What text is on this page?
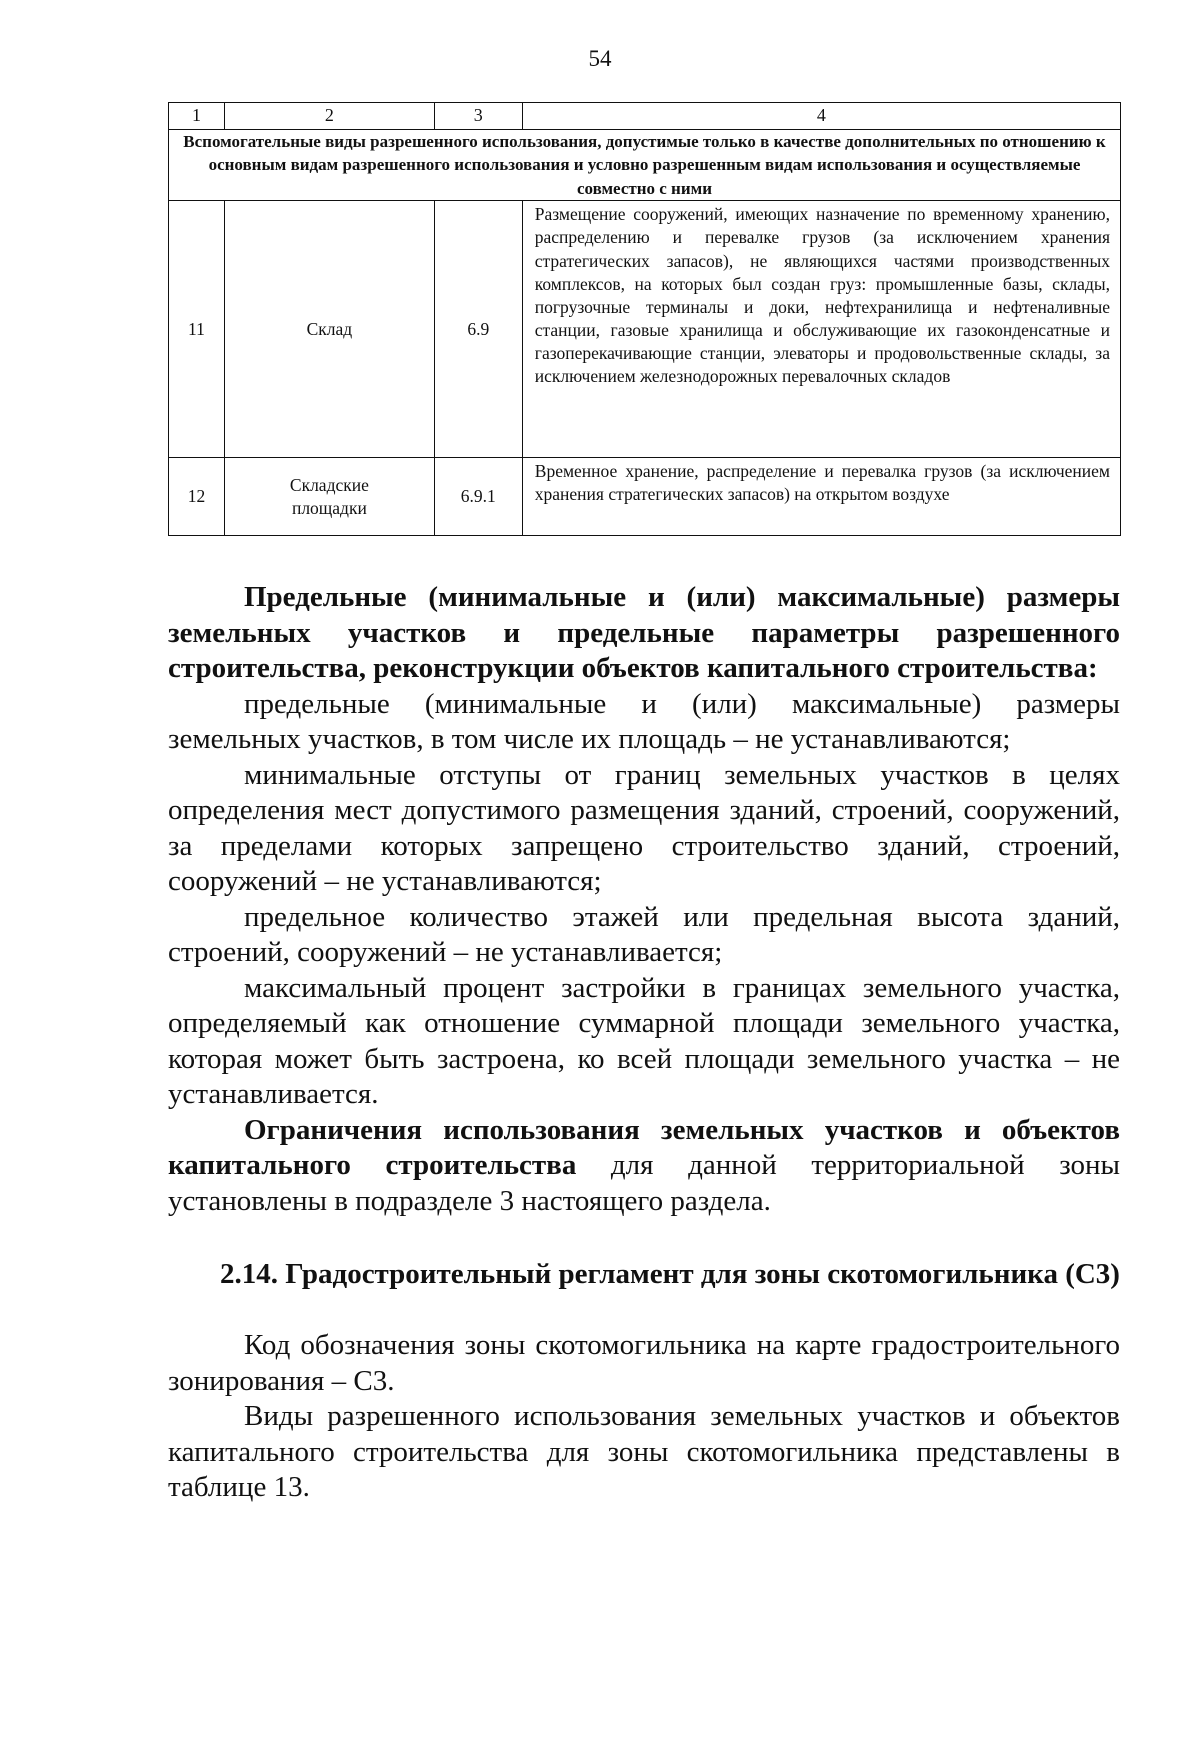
54
1	2	3	4
Вспомогательные виды разрешенного использования, допустимые только в качестве дополнительных по отношению к основным видам разрешенного использования и условно разрешенным видам использования и осуществляемые совместно с ними			
11	Склад	6.9	Размещение сооружений, имеющих назначение по временному хранению, распределению и перевалке грузов (за исключением хранения стратегических запасов), не являющихся частями производственных комплексов, на которых был создан груз: промышленные базы, склады, погрузочные терминалы и доки, нефтехранилища и нефтеналивные станции, газовые хранилища и обслуживающие их газоконденсатные и газоперекачивающие станции, элеваторы и продовольственные склады, за исключением железнодорожных перевалочных складов
12	Складские площадки	6.9.1	Временное хранение, распределение и перевалка грузов (за исключением хранения стратегических запасов) на открытом воздухе

Предельные (минимальные и (или) максимальные) размеры земельных участков и предельные параметры разрешенного строительства, реконструкции объектов капитального строительства:

предельные (минимальные и (или) максимальные) размеры земельных участков, в том числе их площадь – не устанавливаются;

минимальные отступы от границ земельных участков в целях определения мест допустимого размещения зданий, строений, сооружений, за пределами которых запрещено строительство зданий, строений, сооружений – не устанавливаются;

предельное количество этажей или предельная высота зданий, строений, сооружений – не устанавливается;

максимальный процент застройки в границах земельного участка, определяемый как отношение суммарной площади земельного участка, которая может быть застроена, ко всей площади земельного участка – не устанавливается.

Ограничения использования земельных участков и объектов капитального строительства для данной территориальной зоны установлены в подразделе 3 настоящего раздела.

2.14. Градостроительный регламент для зоны скотомогильника (С3)

Код обозначения зоны скотомогильника на карте градостроительного зонирования – С3.

Виды разрешенного использования земельных участков и объектов капитального строительства для зоны скотомогильника представлены в таблице 13.
